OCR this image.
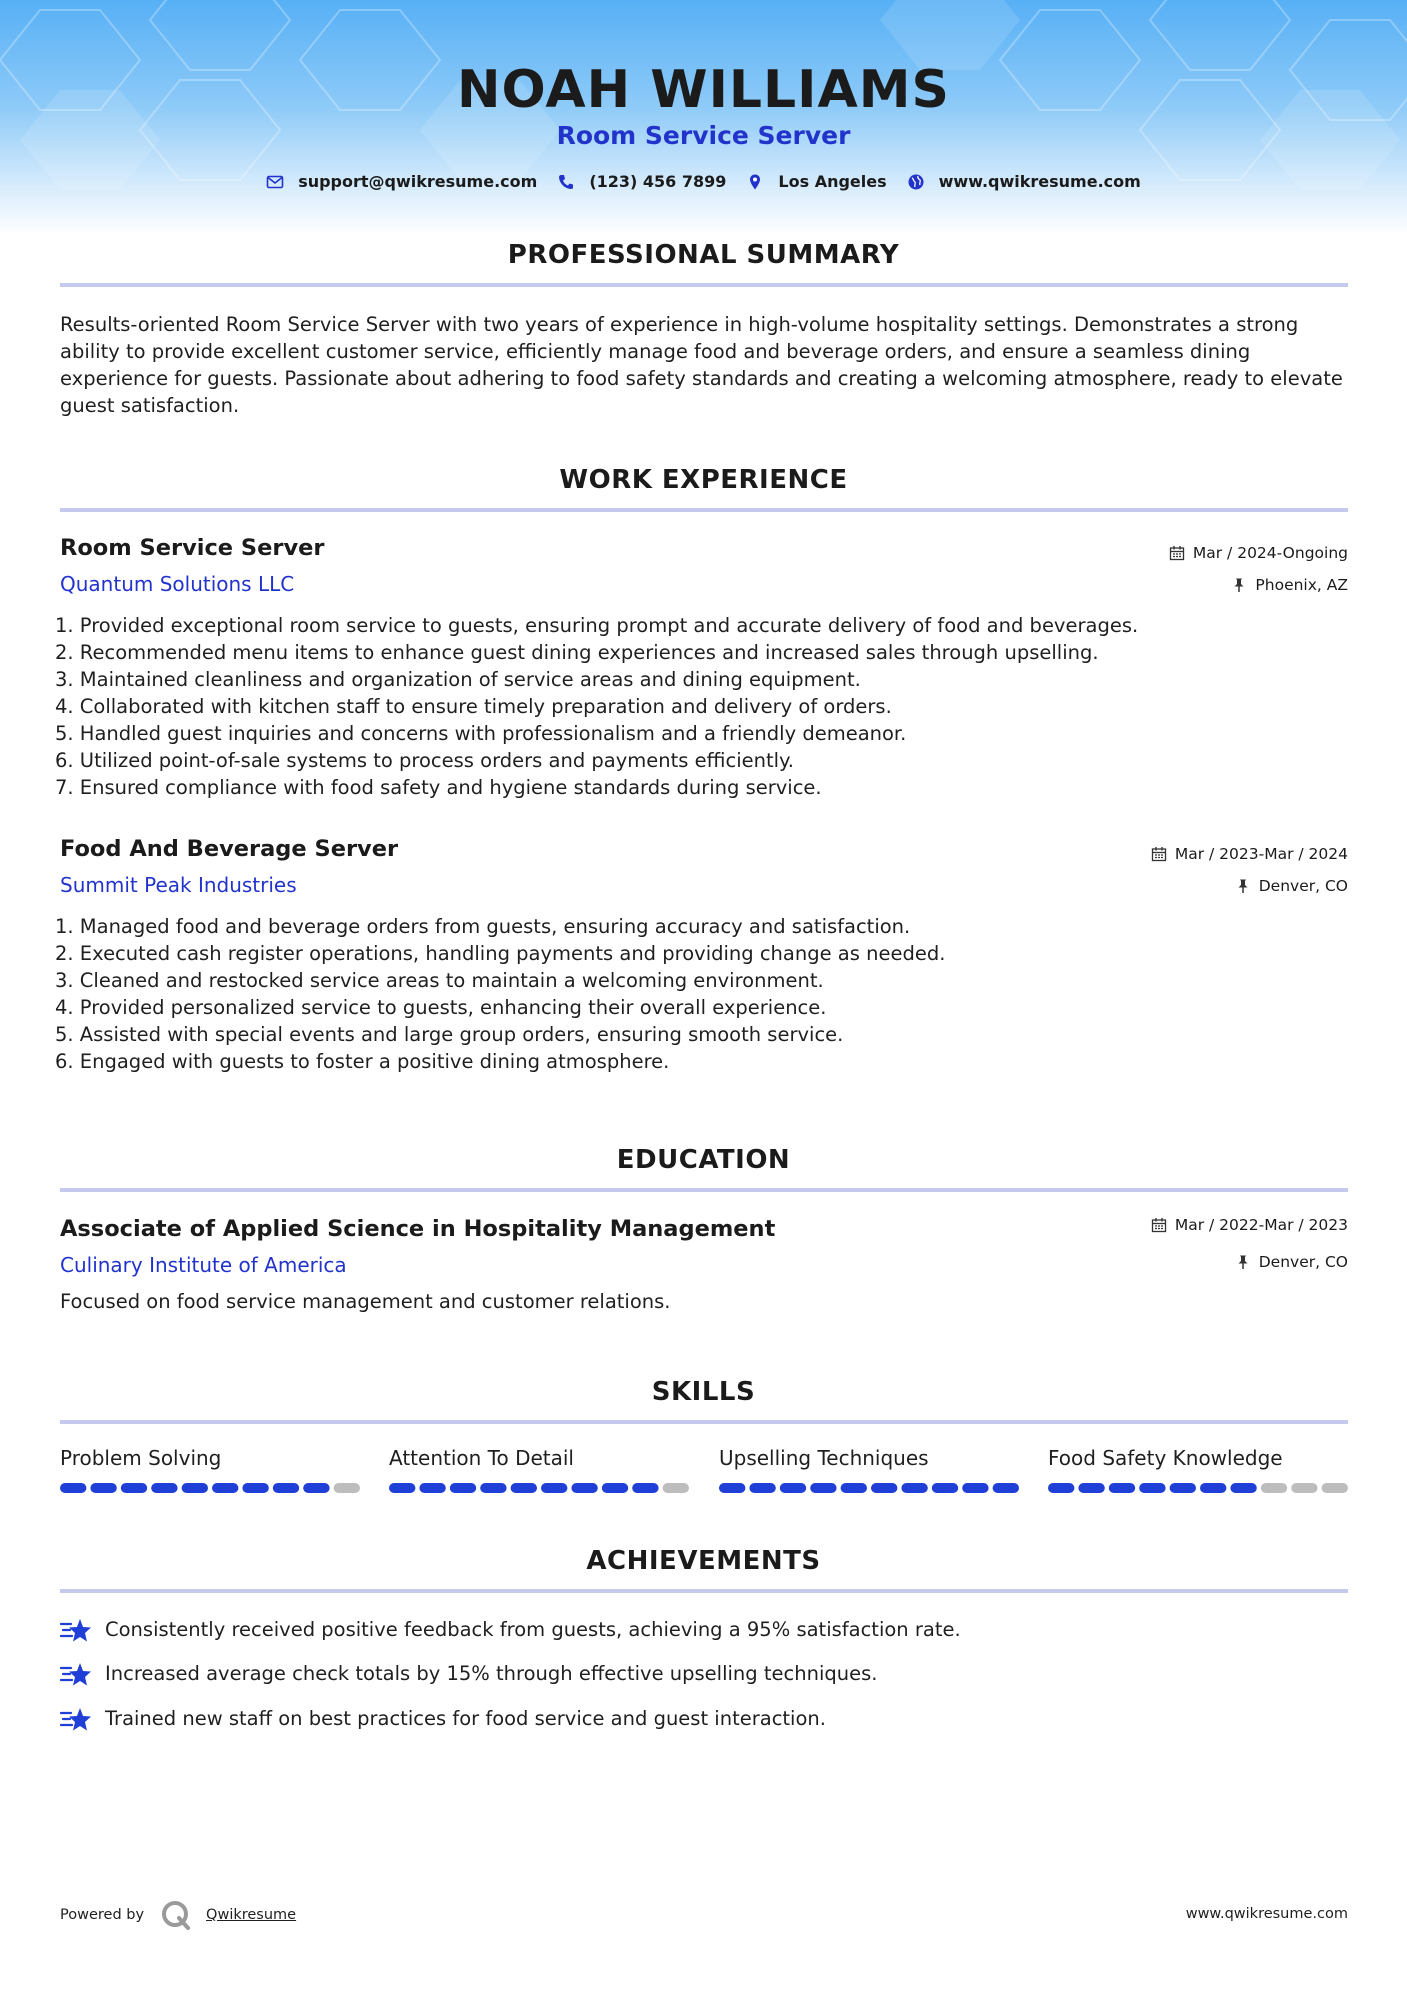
NOAH WILLIAMS
Room Service Server
support@qwikresume.com	(123) 456 7899	Los Angeles	www.qwikresume.com
PROFESSIONAL SUMMARY
Results-oriented Room Service Server with two years of experience in high-volume hospitality settings. Demonstrates a strong ability to provide excellent customer service, efficiently manage food and beverage orders, and ensure a seamless dining experience for guests. Passionate about adhering to food safety standards and creating a welcoming atmosphere, ready to elevate guest satisfaction.
WORK EXPERIENCE
Room Service Server
Quantum Solutions LLC
Mar / 2024-Ongoing
Phoenix, AZ
1. Provided exceptional room service to guests, ensuring prompt and accurate delivery of food and beverages.
2. Recommended menu items to enhance guest dining experiences and increased sales through upselling.
3. Maintained cleanliness and organization of service areas and dining equipment.
4. Collaborated with kitchen staff to ensure timely preparation and delivery of orders.
5. Handled guest inquiries and concerns with professionalism and a friendly demeanor.
6. Utilized point-of-sale systems to process orders and payments efficiently.
7. Ensured compliance with food safety and hygiene standards during service.
Food And Beverage Server
Summit Peak Industries
Mar / 2023-Mar / 2024
Denver, CO
1. Managed food and beverage orders from guests, ensuring accuracy and satisfaction.
2. Executed cash register operations, handling payments and providing change as needed.
3. Cleaned and restocked service areas to maintain a welcoming environment.
4. Provided personalized service to guests, enhancing their overall experience.
5. Assisted with special events and large group orders, ensuring smooth service.
6. Engaged with guests to foster a positive dining atmosphere.
EDUCATION
Associate of Applied Science in Hospitality Management
Culinary Institute of America
Mar / 2022-Mar / 2023
Denver, CO
Focused on food service management and customer relations.
SKILLS
Problem Solving	Attention To Detail	Upselling Techniques	Food Safety Knowledge
ACHIEVEMENTS
Consistently received positive feedback from guests, achieving a 95% satisfaction rate.
Increased average check totals by 15% through effective upselling techniques.
Trained new staff on best practices for food service and guest interaction.
Powered by	Qwikresume	www.qwikresume.com
